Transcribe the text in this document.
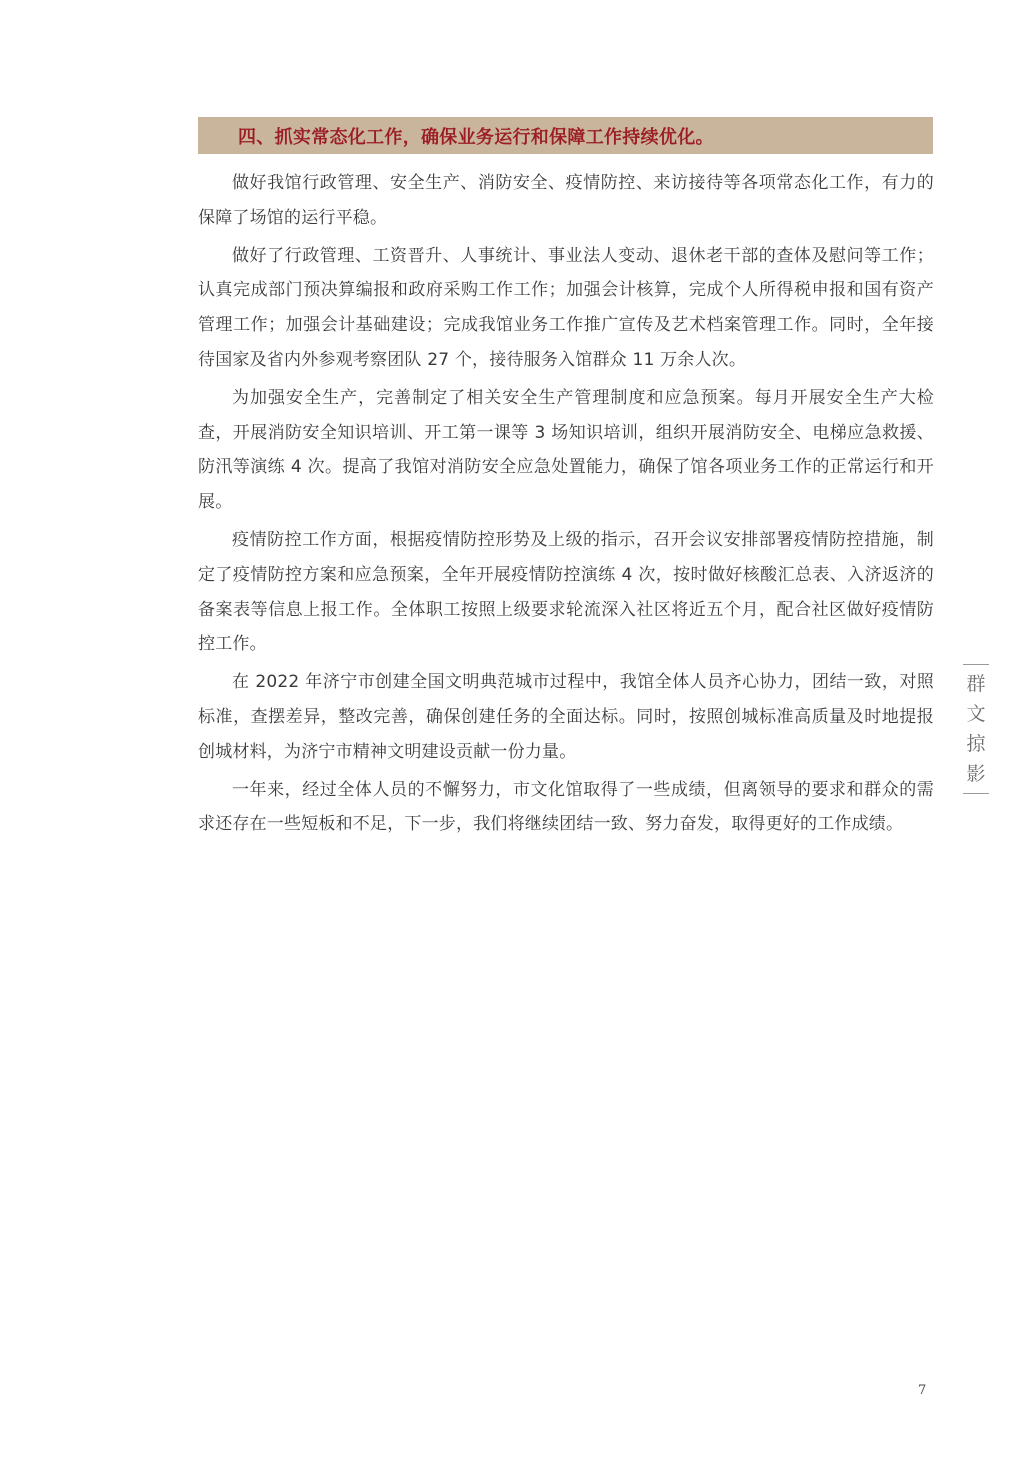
四、抓实常态化工作，确保业务运行和保障工作持续优化。

做好我馆行政管理、安全生产、消防安全、疫情防控、来访接待等各项常态化工作，有力的保障了场馆的运行平稳。

做好了行政管理、工资晋升、人事统计、事业法人变动、退休老干部的查体及慰问等工作；认真完成部门预决算编报和政府采购工作工作；加强会计核算，完成个人所得税申报和国有资产管理工作；加强会计基础建设；完成我馆业务工作推广宣传及艺术档案管理工作。同时，全年接待国家及省内外参观考察团队 27 个，接待服务入馆群众 11 万余人次。

为加强安全生产，完善制定了相关安全生产管理制度和应急预案。每月开展安全生产大检查，开展消防安全知识培训、开工第一课等 3 场知识培训，组织开展消防安全、电梯应急救援、防汛等演练 4 次。提高了我馆对消防安全应急处置能力，确保了馆各项业务工作的正常运行和开展。

疫情防控工作方面，根据疫情防控形势及上级的指示，召开会议安排部署疫情防控措施，制定了疫情防控方案和应急预案，全年开展疫情防控演练 4 次，按时做好核酸汇总表、入济返济的备案表等信息上报工作。全体职工按照上级要求轮流深入社区将近五个月，配合社区做好疫情防控工作。

在 2022 年济宁市创建全国文明典范城市过程中，我馆全体人员齐心协力，团结一致，对照标准，查摆差异，整改完善，确保创建任务的全面达标。同时，按照创城标准高质量及时地提报创城材料，为济宁市精神文明建设贡献一份力量。

一年来，经过全体人员的不懈努力，市文化馆取得了一些成绩，但离领导的要求和群众的需求还存在一些短板和不足，下一步，我们将继续团结一致、努力奋发，取得更好的工作成绩。

群
文
掠
影
7
